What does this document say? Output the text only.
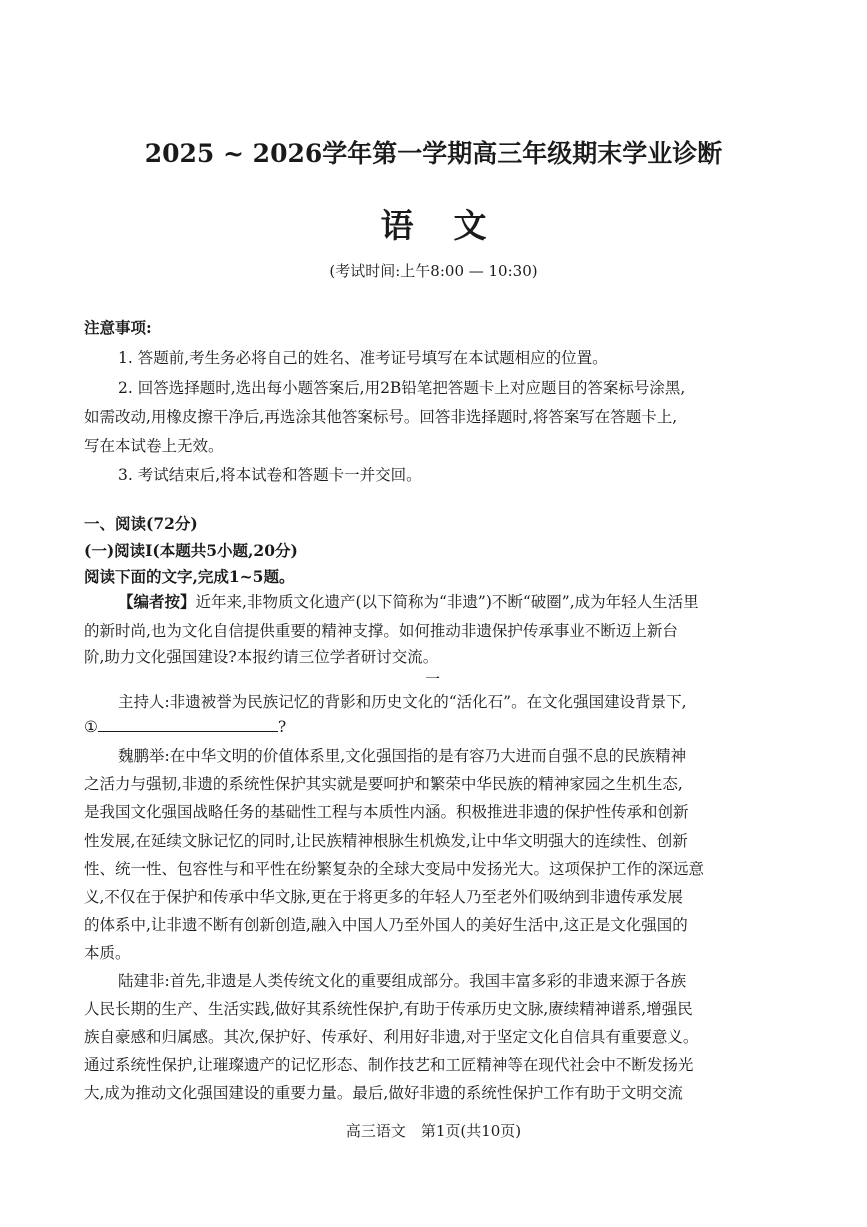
2025 ~ 2026学年第一学期高三年级期末学业诊断
语文
(考试时间:上午8:00 — 10:30)
注意事项:
1. 答题前,考生务必将自己的姓名、准考证号填写在本试题相应的位置。
2. 回答选择题时,选出每小题答案后,用2B铅笔把答题卡上对应题目的答案标号涂黑,
如需改动,用橡皮擦干净后,再选涂其他答案标号。回答非选择题时,将答案写在答题卡上,
写在本试卷上无效。
3. 考试结束后,将本试卷和答题卡一并交回。
一、阅读(72分)
(一)阅读Ⅰ(本题共5小题,20分)
阅读下面的文字,完成1~5题。
【编者按】近年来,非物质文化遗产(以下简称为“非遗”)不断“破圈”,成为年轻人生活里
的新时尚,也为文化自信提供重要的精神支撑。如何推动非遗保护传承事业不断迈上新台
阶,助力文化强国建设?本报约请三位学者研讨交流。
一
主持人:非遗被誉为民族记忆的背影和历史文化的“活化石”。在文化强国建设背景下,
①	?
魏鹏举:在中华文明的价值体系里,文化强国指的是有容乃大进而自强不息的民族精神
之活力与强韧,非遗的系统性保护其实就是要呵护和繁荣中华民族的精神家园之生机生态,
是我国文化强国战略任务的基础性工程与本质性内涵。积极推进非遗的保护性传承和创新
性发展,在延续文脉记忆的同时,让民族精神根脉生机焕发,让中华文明强大的连续性、创新
性、统一性、包容性与和平性在纷繁复杂的全球大变局中发扬光大。这项保护工作的深远意
义,不仅在于保护和传承中华文脉,更在于将更多的年轻人乃至老外们吸纳到非遗传承发展
的体系中,让非遗不断有创新创造,融入中国人乃至外国人的美好生活中,这正是文化强国的
本质。
陆建非:首先,非遗是人类传统文化的重要组成部分。我国丰富多彩的非遗来源于各族
人民长期的生产、生活实践,做好其系统性保护,有助于传承历史文脉,赓续精神谱系,增强民
族自豪感和归属感。其次,保护好、传承好、利用好非遗,对于坚定文化自信具有重要意义。
通过系统性保护,让璀璨遗产的记忆形态、制作技艺和工匠精神等在现代社会中不断发扬光
大,成为推动文化强国建设的重要力量。最后,做好非遗的系统性保护工作有助于文明交流
高三语文　第1页(共10页)
